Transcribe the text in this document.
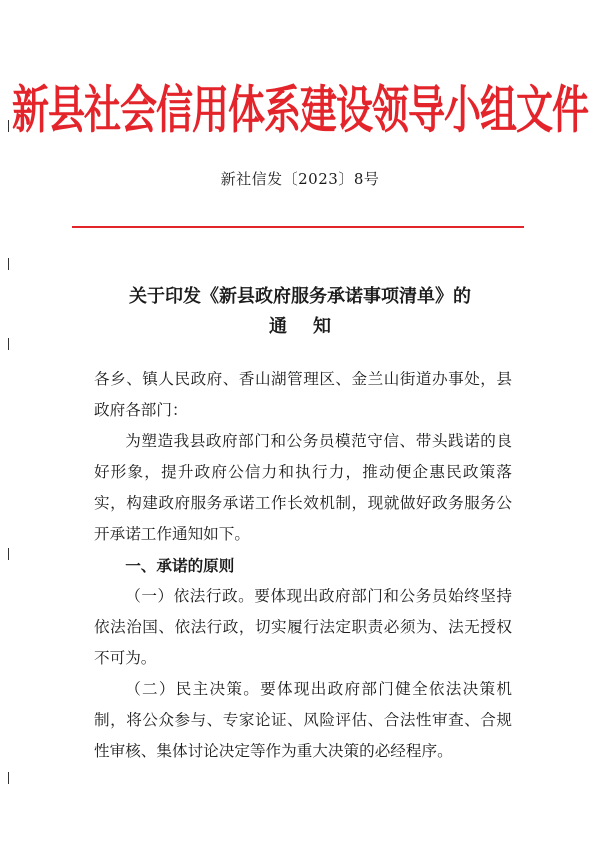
新县社会信用体系建设领导小组文件
新社信发〔2023〕8号
关于印发《新县政府服务承诺事项清单》的
通知

各乡、镇人民政府、香山湖管理区、金兰山街道办事处，县政府各部门：

为塑造我县政府部门和公务员模范守信、带头践诺的良好形象，提升政府公信力和执行力，推动便企惠民政策落实，构建政府服务承诺工作长效机制，现就做好政务服务公开承诺工作通知如下。

一、承诺的原则

（一）依法行政。要体现出政府部门和公务员始终坚持依法治国、依法行政，切实履行法定职责必须为、法无授权不可为。

（二）民主决策。要体现出政府部门健全依法决策机制，将公众参与、专家论证、风险评估、合法性审查、合规性审核、集体讨论决定等作为重大决策的必经程序。
